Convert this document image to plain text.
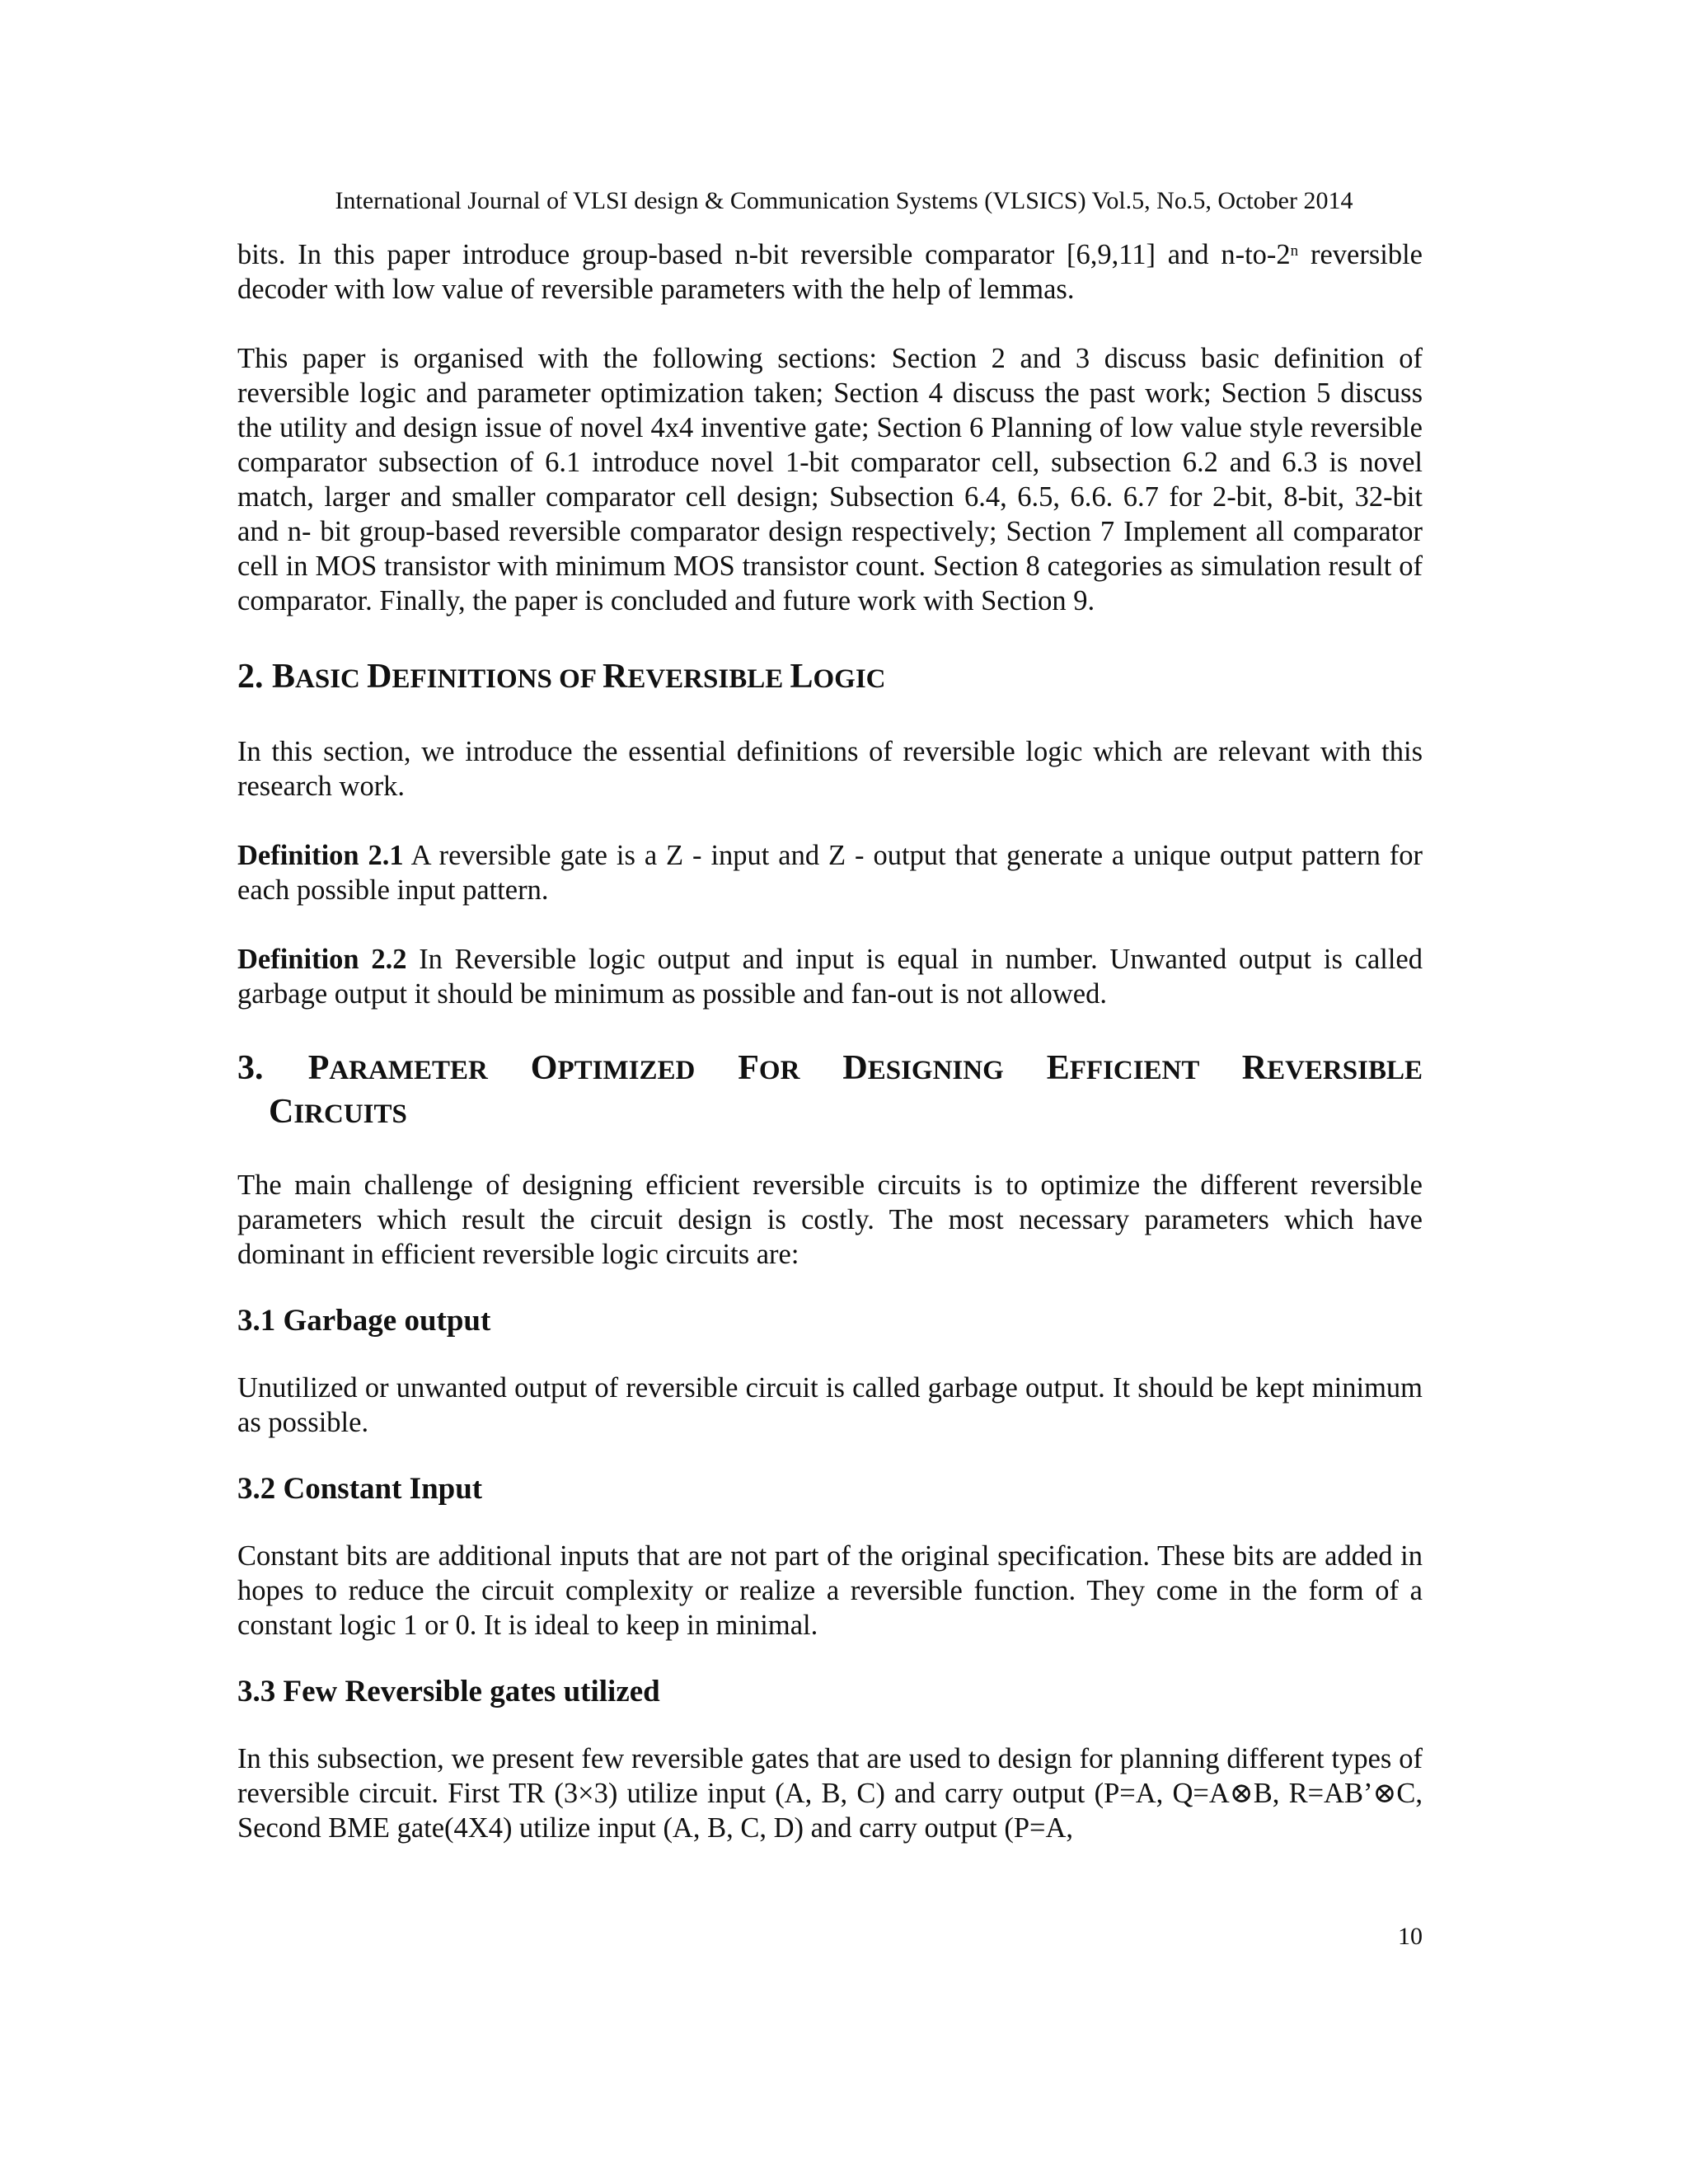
International Journal of VLSI design & Communication Systems (VLSICS) Vol.5, No.5, October 2014

bits. In this paper introduce group-based n-bit reversible comparator [6,9,11] and n-to-2$^n$ reversible decoder with low value of reversible parameters with the help of lemmas.

This paper is organised with the following sections: Section 2 and 3 discuss basic definition of reversible logic and parameter optimization taken; Section 4 discuss the past work; Section 5 discuss the utility and design issue of novel 4x4 inventive gate; Section 6 Planning of low value style reversible comparator subsection of 6.1 introduce novel 1-bit comparator cell, subsection 6.2 and 6.3 is novel match, larger and smaller comparator cell design; Subsection 6.4, 6.5, 6.6. 6.7 for 2-bit, 8-bit, 32-bit and n- bit group-based reversible comparator design respectively; Section 7 Implement all comparator cell in MOS transistor with minimum MOS transistor count. Section 8 categories as simulation result of comparator. Finally, the paper is concluded and future work with Section 9.

2. BASIC DEFINITIONS OF REVERSIBLE LOGIC

In this section, we introduce the essential definitions of reversible logic which are relevant with this research work.

Definition 2.1 A reversible gate is a Z - input and Z - output that generate a unique output pattern for each possible input pattern.

Definition 2.2 In Reversible logic output and input is equal in number. Unwanted output is called garbage output it should be minimum as possible and fan-out is not allowed.

3. PARAMETER OPTIMIZED FOR DESIGNING EFFICIENT REVERSIBLE
CIRCUITS

The main challenge of designing efficient reversible circuits is to optimize the different reversible parameters which result the circuit design is costly. The most necessary parameters which have dominant in efficient reversible logic circuits are:

3.1 Garbage output

Unutilized or unwanted output of reversible circuit is called garbage output. It should be kept minimum as possible.

3.2 Constant Input

Constant bits are additional inputs that are not part of the original specification. These bits are added in hopes to reduce the circuit complexity or realize a reversible function. They come in the form of a constant logic 1 or 0. It is ideal to keep in minimal.

3.3 Few Reversible gates utilized

In this subsection, we present few reversible gates that are used to design for planning different types of reversible circuit. First TR (3×3) utilize input (A, B, C) and carry output (P=A, Q=A⊗B, R=AB’⊗C, Second BME gate(4X4) utilize input (A, B, C, D) and carry output (P=A,

10
